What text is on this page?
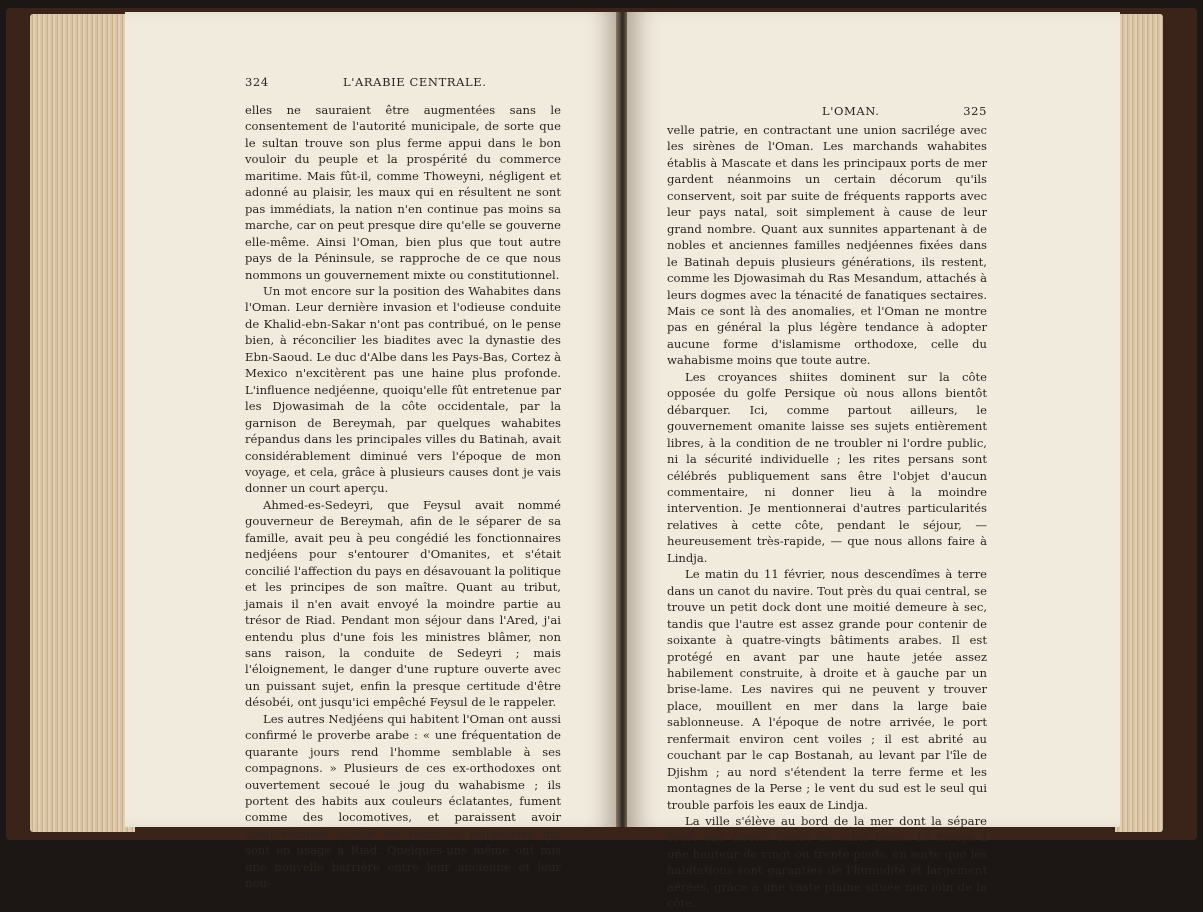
324	L'ARABIE CENTRALE.

elles ne sauraient être augmentées sans le consentement de l'autorité municipale, de sorte que le sultan trouve son plus ferme appui dans le bon vouloir du peuple et la prospérité du commerce maritime. Mais fût-il, comme Thoweyni, négligent et adonné au plaisir, les maux qui en résultent ne sont pas immédiats, la nation n'en continue pas moins sa marche, car on peut presque dire qu'elle se gouverne elle-même. Ainsi l'Oman, bien plus que tout autre pays de la Péninsule, se rapproche de ce que nous nommons un gouvernement mixte ou constitutionnel.

Un mot encore sur la position des Wahabites dans l'Oman. Leur dernière invasion et l'odieuse conduite de Khalid-ebn-Sakar n'ont pas contribué, on le pense bien, à réconcilier les biadites avec la dynastie des Ebn-Saoud. Le duc d'Albe dans les Pays-Bas, Cortez à Mexico n'excitèrent pas une haine plus profonde. L'influence nedjéenne, quoiqu'elle fût entretenue par les Djowasimah de la côte occidentale, par la garnison de Bereymah, par quelques wahabites répandus dans les principales villes du Batinah, avait considérablement diminué vers l'époque de mon voyage, et cela, grâce à plusieurs causes dont je vais donner un court aperçu.

Ahmed-es-Sedeyri, que Feysul avait nommé gouverneur de Bereymah, afin de le séparer de sa famille, avait peu à peu congédié les fonctionnaires nedjéens pour s'entourer d'Omanites, et s'était concilié l'affection du pays en désavouant la politique et les principes de son maître. Quant au tribut, jamais il n'en avait envoyé la moindre partie au trésor de Riad. Pendant mon séjour dans l'Ared, j'ai entendu plus d'une fois les ministres blâmer, non sans raison, la conduite de Sedeyri ; mais l'éloignement, le danger d'une rupture ouverte avec un puissant sujet, enfin la presque certitude d'être désobéi, ont jusqu'ici empêché Feysul de le rappeler.

Les autres Nedjéens qui habitent l'Oman ont aussi confirmé le proverbe arabe : « une fréquentation de quarante jours rend l'homme semblable à ses compagnons. » Plusieurs de ces ex-orthodoxes ont ouvertement secoué le joug du wahabisme ; ils portent des habits aux couleurs éclatantes, fument comme des locomotives, et paraissent avoir complétement oublié les formules religieuses qui sont en usage à Riad. Quelques-uns même ont mis une nouvelle barrière entre leur ancienne et leur nou-

L'OMAN.	325

velle patrie, en contractant une union sacrilége avec les sirènes de l'Oman. Les marchands wahabites établis à Mascate et dans les principaux ports de mer gardent néanmoins un certain décorum qu'ils conservent, soit par suite de fréquents rapports avec leur pays natal, soit simplement à cause de leur grand nombre. Quant aux sunnites appartenant à de nobles et anciennes familles nedjéennes fixées dans le Batinah depuis plusieurs générations, ils restent, comme les Djowasimah du Ras Mesandum, attachés à leurs dogmes avec la ténacité de fanatiques sectaires. Mais ce sont là des anomalies, et l'Oman ne montre pas en général la plus légère tendance à adopter aucune forme d'islamisme orthodoxe, celle du wahabisme moins que toute autre.

Les croyances shiites dominent sur la côte opposée du golfe Persique où nous allons bientôt débarquer. Ici, comme partout ailleurs, le gouvernement omanite laisse ses sujets entièrement libres, à la condition de ne troubler ni l'ordre public, ni la sécurité individuelle ; les rites persans sont célébrés publiquement sans être l'objet d'aucun commentaire, ni donner lieu à la moindre intervention. Je mentionnerai d'autres particularités relatives à cette côte, pendant le séjour, — heureusement très-rapide, — que nous allons faire à Lindja.

Le matin du 11 février, nous descendîmes à terre dans un canot du navire. Tout près du quai central, se trouve un petit dock dont une moitié demeure à sec, tandis que l'autre est assez grande pour contenir de soixante à quatre-vingts bâtiments arabes. Il est protégé en avant par une haute jetée assez habilement construite, à droite et à gauche par un brise-lame. Les navires qui ne peuvent y trouver place, mouillent en mer dans la large baie sablonneuse. A l'époque de notre arrivée, le port renfermait environ cent voiles ; il est abrité au couchant par le cap Bostanah, au levant par l'île de Djishm ; au nord s'étendent la terre ferme et les montagnes de la Perse ; le vent du sud est le seul qui trouble parfois les eaux de Lindja.

La ville s'élève au bord de la mer dont la sépare seule une étroite bande de sable blanc. Le rivage a une hauteur de vingt ou trente pieds, en sorte que les habitations sont garanties de l'humidité et largement aérées, grâce à une vaste plaine située non loin de la côte.
